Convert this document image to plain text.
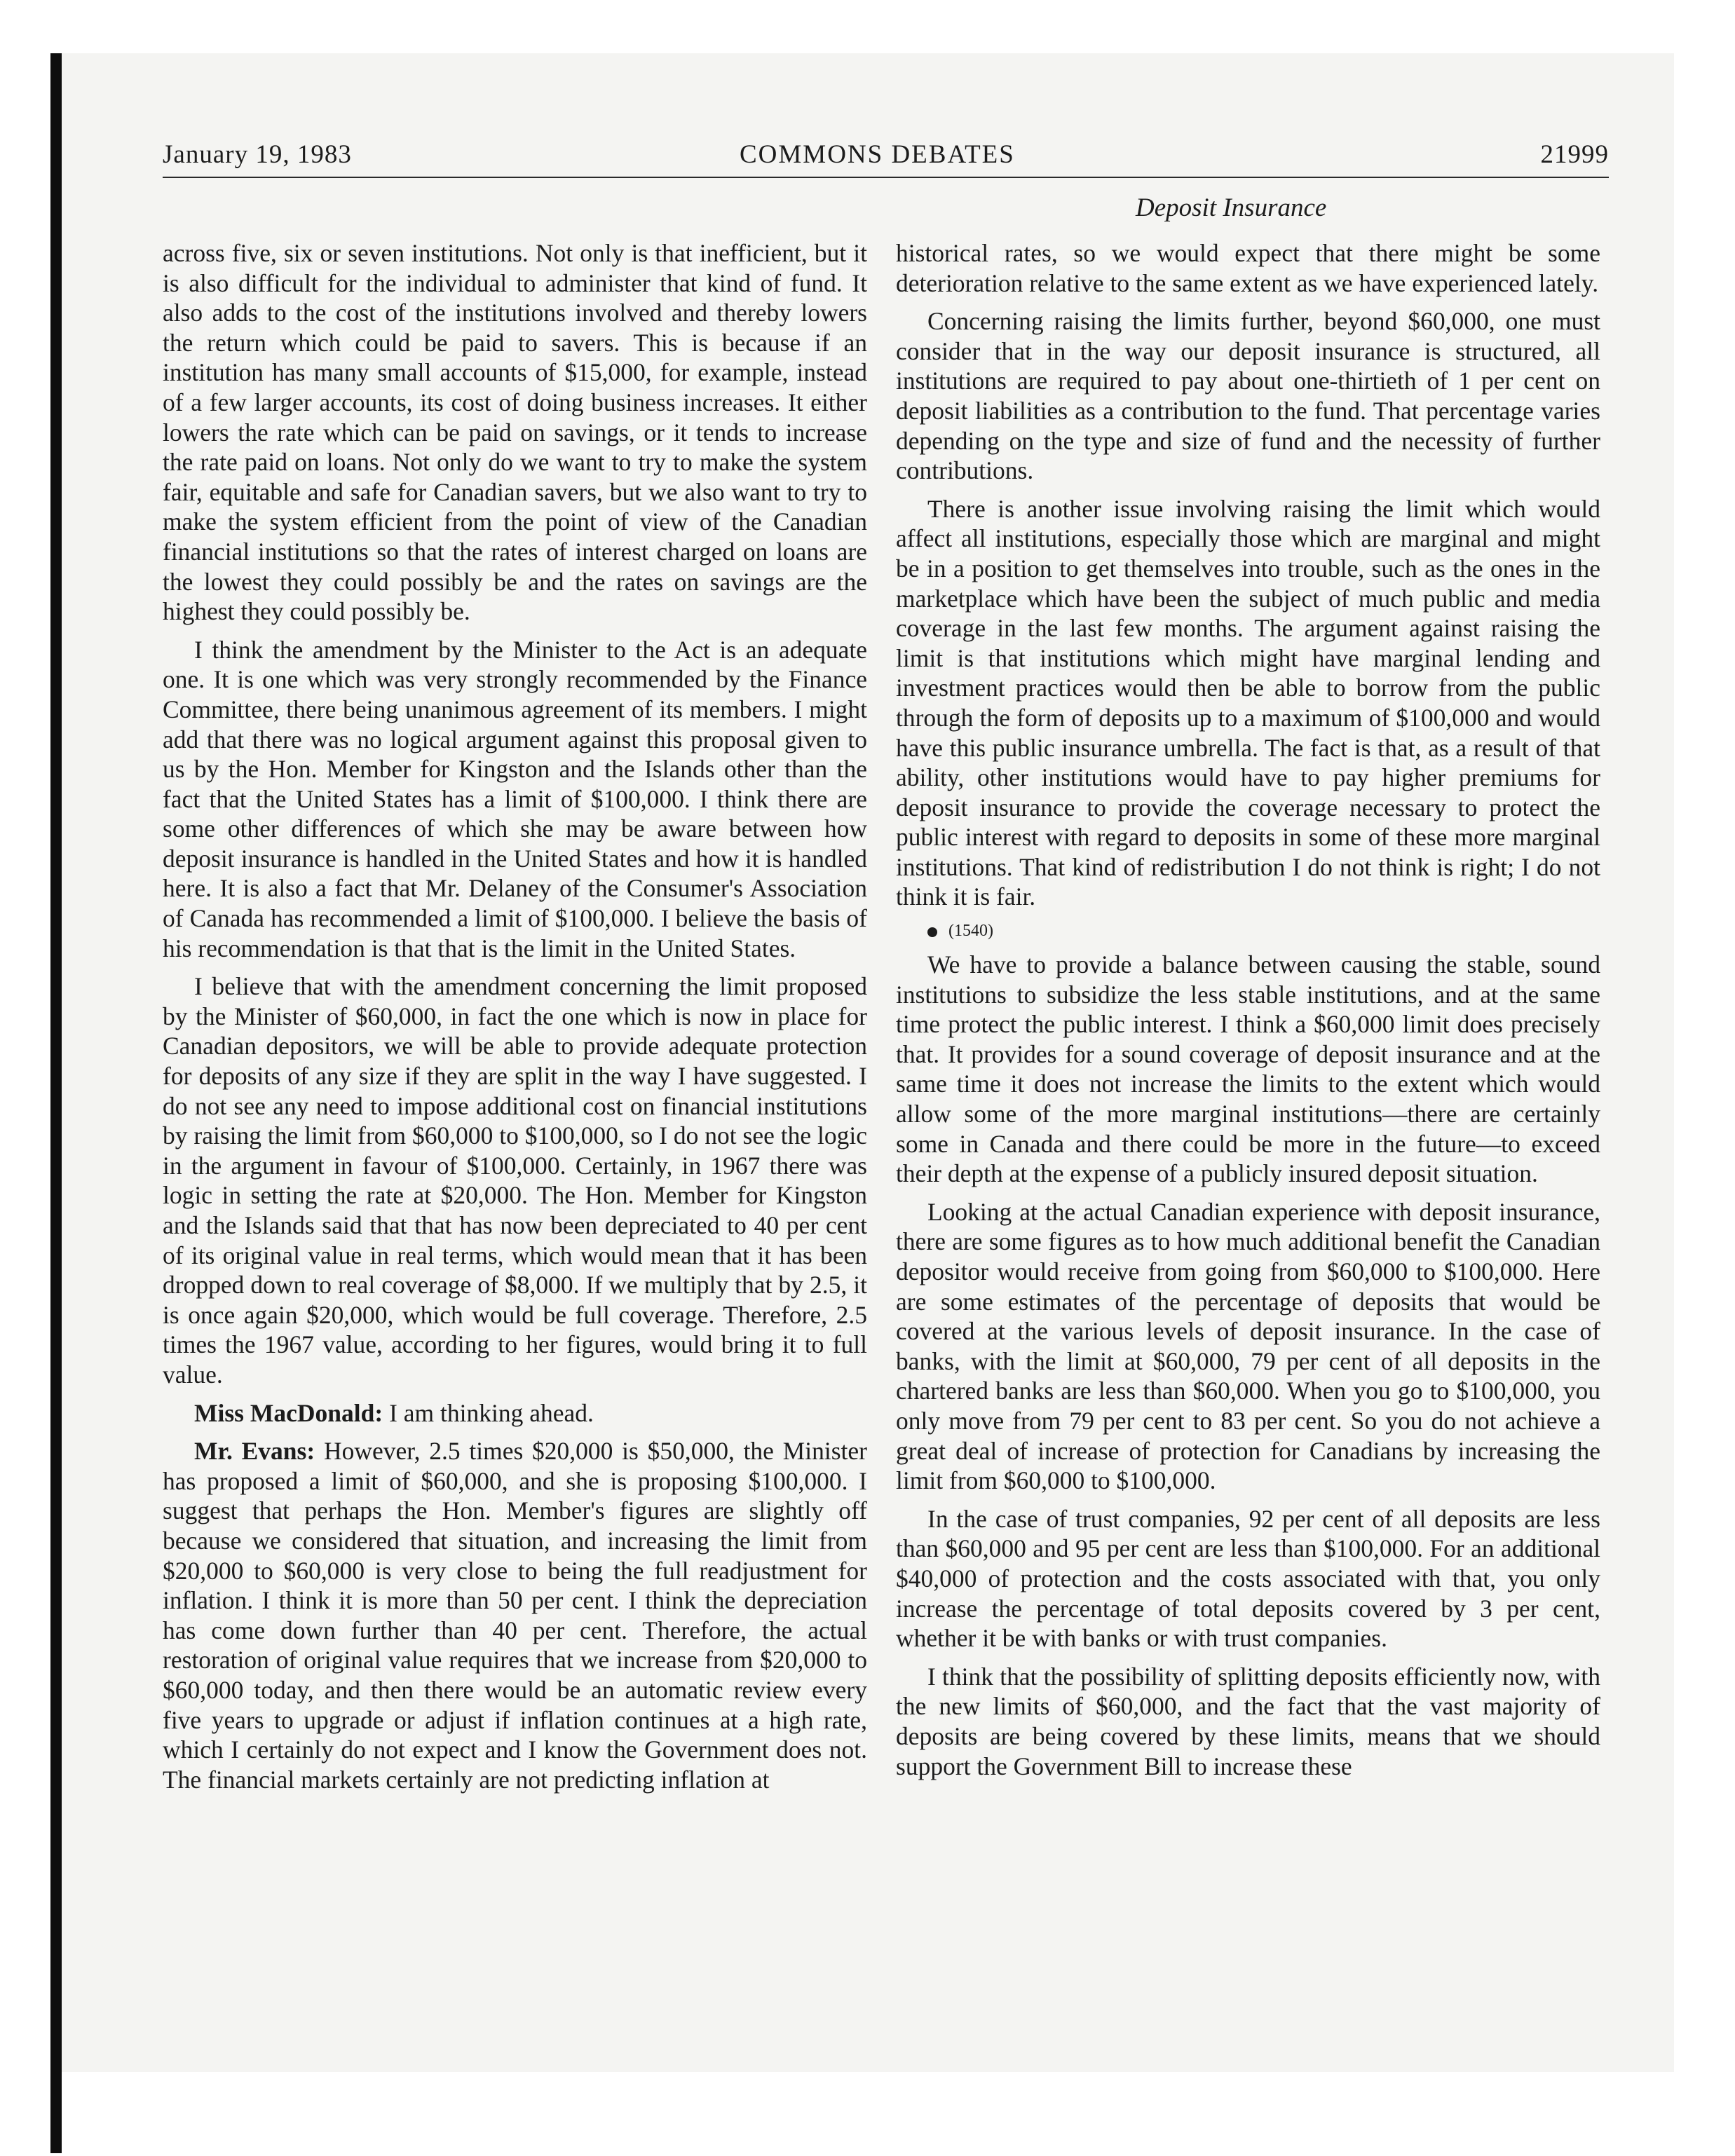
January 19, 1983	COMMONS DEBATES	21999
Deposit Insurance

across five, six or seven institutions. Not only is that inefficient, but it is also difficult for the individual to administer that kind of fund. It also adds to the cost of the institutions involved and thereby lowers the return which could be paid to savers. This is because if an institution has many small accounts of $15,000, for example, instead of a few larger accounts, its cost of doing business increases. It either lowers the rate which can be paid on savings, or it tends to increase the rate paid on loans. Not only do we want to try to make the system fair, equitable and safe for Canadian savers, but we also want to try to make the system efficient from the point of view of the Canadian financial institutions so that the rates of interest charged on loans are the lowest they could possibly be and the rates on savings are the highest they could possibly be.

I think the amendment by the Minister to the Act is an adequate one. It is one which was very strongly recommended by the Finance Committee, there being unanimous agreement of its members. I might add that there was no logical argument against this proposal given to us by the Hon. Member for Kingston and the Islands other than the fact that the United States has a limit of $100,000. I think there are some other differences of which she may be aware between how deposit insurance is handled in the United States and how it is handled here. It is also a fact that Mr. Delaney of the Consumer's Association of Canada has recommended a limit of $100,000. I believe the basis of his recommendation is that that is the limit in the United States.

I believe that with the amendment concerning the limit proposed by the Minister of $60,000, in fact the one which is now in place for Canadian depositors, we will be able to provide adequate protection for deposits of any size if they are split in the way I have suggested. I do not see any need to impose additional cost on financial institutions by raising the limit from $60,000 to $100,000, so I do not see the logic in the argument in favour of $100,000. Certainly, in 1967 there was logic in setting the rate at $20,000. The Hon. Member for Kingston and the Islands said that that has now been depreciated to 40 per cent of its original value in real terms, which would mean that it has been dropped down to real coverage of $8,000. If we multiply that by 2.5, it is once again $20,000, which would be full coverage. Therefore, 2.5 times the 1967 value, according to her figures, would bring it to full value.

Miss MacDonald: I am thinking ahead.

Mr. Evans: However, 2.5 times $20,000 is $50,000, the Minister has proposed a limit of $60,000, and she is proposing $100,000. I suggest that perhaps the Hon. Member's figures are slightly off because we considered that situation, and increasing the limit from $20,000 to $60,000 is very close to being the full readjustment for inflation. I think it is more than 50 per cent. I think the depreciation has come down further than 40 per cent. Therefore, the actual restoration of original value requires that we increase from $20,000 to $60,000 today, and then there would be an automatic review every five years to upgrade or adjust if inflation continues at a high rate, which I certainly do not expect and I know the Government does not. The financial markets certainly are not predicting inflation at

historical rates, so we would expect that there might be some deterioration relative to the same extent as we have experienced lately.

Concerning raising the limits further, beyond $60,000, one must consider that in the way our deposit insurance is structured, all institutions are required to pay about one-thirtieth of 1 per cent on deposit liabilities as a contribution to the fund. That percentage varies depending on the type and size of fund and the necessity of further contributions.

There is another issue involving raising the limit which would affect all institutions, especially those which are marginal and might be in a position to get themselves into trouble, such as the ones in the marketplace which have been the subject of much public and media coverage in the last few months. The argument against raising the limit is that institutions which might have marginal lending and investment practices would then be able to borrow from the public through the form of deposits up to a maximum of $100,000 and would have this public insurance umbrella. The fact is that, as a result of that ability, other institutions would have to pay higher premiums for deposit insurance to provide the coverage necessary to protect the public interest with regard to deposits in some of these more marginal institutions. That kind of redistribution I do not think is right; I do not think it is fair.

(1540)

We have to provide a balance between causing the stable, sound institutions to subsidize the less stable institutions, and at the same time protect the public interest. I think a $60,000 limit does precisely that. It provides for a sound coverage of deposit insurance and at the same time it does not increase the limits to the extent which would allow some of the more marginal institutions—there are certainly some in Canada and there could be more in the future—to exceed their depth at the expense of a publicly insured deposit situation.

Looking at the actual Canadian experience with deposit insurance, there are some figures as to how much additional benefit the Canadian depositor would receive from going from $60,000 to $100,000. Here are some estimates of the percentage of deposits that would be covered at the various levels of deposit insurance. In the case of banks, with the limit at $60,000, 79 per cent of all deposits in the chartered banks are less than $60,000. When you go to $100,000, you only move from 79 per cent to 83 per cent. So you do not achieve a great deal of increase of protection for Canadians by increasing the limit from $60,000 to $100,000.

In the case of trust companies, 92 per cent of all deposits are less than $60,000 and 95 per cent are less than $100,000. For an additional $40,000 of protection and the costs associated with that, you only increase the percentage of total deposits covered by 3 per cent, whether it be with banks or with trust companies.

I think that the possibility of splitting deposits efficiently now, with the new limits of $60,000, and the fact that the vast majority of deposits are being covered by these limits, means that we should support the Government Bill to increase these
